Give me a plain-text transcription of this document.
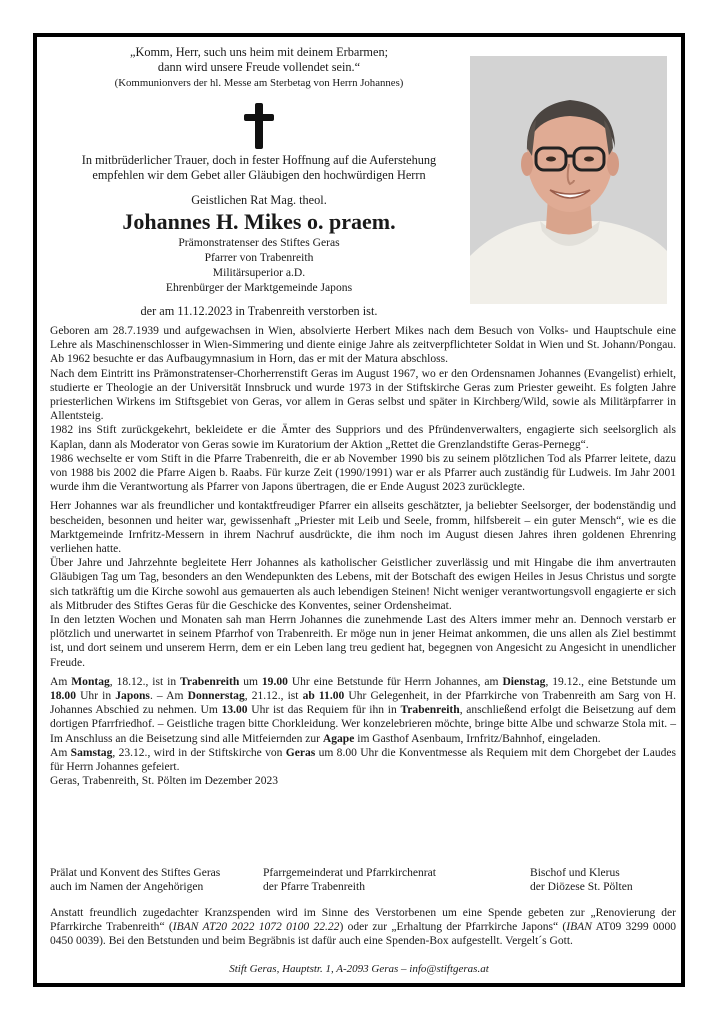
„Komm, Herr, such uns heim mit deinem Erbarmen;
dann wird unsere Freude vollendet sein.“
(Kommunionvers der hl. Messe am Sterbetag von Herrn Johannes)
In mitbrüderlicher Trauer, doch in fester Hoffnung auf die Auferstehung
empfehlen wir dem Gebet aller Gläubigen den hochwürdigen Herrn
Geistlichen Rat Mag. theol.
Johannes H. Mikes o. praem.
Prämonstratenser des Stiftes Geras
Pfarrer von Trabenreith
Militärsuperior a.D.
Ehrenbürger der Marktgemeinde Japons
der am 11.12.2023 in Trabenreith verstorben ist.

Geboren am 28.7.1939 und aufgewachsen in Wien, absolvierte Herbert Mikes nach dem Besuch von Volks- und Hauptschule eine Lehre als Maschinenschlosser in Wien-Simmering und diente einige Jahre als zeitverpflichteter Soldat in Wien und St. Johann/Pongau. Ab 1962 besuchte er das Aufbaugymnasium in Horn, das er mit der Matura abschloss.

Nach dem Eintritt ins Prämonstratenser-Chorherrenstift Geras im August 1967, wo er den Ordensnamen Johannes (Evangelist) erhielt, studierte er Theologie an der Universität Innsbruck und wurde 1973 in der Stiftskirche Geras zum Priester geweiht. Es folgten Jahre priesterlichen Wirkens im Stiftsgebiet von Geras, vor allem in Geras selbst und später in Kirchberg/Wild, sowie als Militärpfarrer in Allentsteig.

1982 ins Stift zurückgekehrt, bekleidete er die Ämter des Suppriors und des Pfründenverwalters, engagierte sich seelsorglich als Kaplan, dann als Moderator von Geras sowie im Kuratorium der Aktion „Rettet die Grenzlandstifte Geras-Pernegg“.

1986 wechselte er vom Stift in die Pfarre Trabenreith, die er ab November 1990 bis zu seinem plötzlichen Tod als Pfarrer leitete, dazu von 1988 bis 2002 die Pfarre Aigen b. Raabs. Für kurze Zeit (1990/1991) war er als Pfarrer auch zuständig für Ludweis. Im Jahr 2001 wurde ihm die Verantwortung als Pfarrer von Japons übertragen, die er Ende August 2023 zurücklegte.

Herr Johannes war als freundlicher und kontaktfreudiger Pfarrer ein allseits geschätzter, ja beliebter Seelsorger, der bodenständig und bescheiden, besonnen und heiter war, gewissenhaft „Priester mit Leib und Seele, fromm, hilfsbereit – ein guter Mensch“, wie es die Marktgemeinde Irnfritz-Messern in ihrem Nachruf ausdrückte, die ihm noch im August diesen Jahres ihren goldenen Ehrenring verliehen hatte.

Über Jahre und Jahrzehnte begleitete Herr Johannes als katholischer Geistlicher zuverlässig und mit Hingabe die ihm anvertrauten Gläubigen Tag um Tag, besonders an den Wendepunkten des Lebens, mit der Botschaft des ewigen Heiles in Jesus Christus und sorgte sich tatkräftig um die Kirche sowohl aus gemauerten als auch lebendigen Steinen! Nicht weniger verantwortungsvoll engagierte er sich als Mitbruder des Stiftes Geras für die Geschicke des Konventes, seiner Ordensheimat.

In den letzten Wochen und Monaten sah man Herrn Johannes die zunehmende Last des Alters immer mehr an. Dennoch verstarb er plötzlich und unerwartet in seinem Pfarrhof von Trabenreith. Er möge nun in jener Heimat ankommen, die uns allen als Ziel bestimmt ist, und dort seinem und unserem Herrn, dem er ein Leben lang treu gedient hat, begegnen von Angesicht zu Angesicht in unendlicher Freude.

Am Montag, 18.12., ist in Trabenreith um 19.00 Uhr eine Betstunde für Herrn Johannes, am Dienstag, 19.12., eine Betstunde um 18.00 Uhr in Japons. – Am Donnerstag, 21.12., ist ab 11.00 Uhr Gelegenheit, in der Pfarrkirche von Trabenreith am Sarg von H. Johannes Abschied zu nehmen. Um 13.00 Uhr ist das Requiem für ihn in Trabenreith, anschließend erfolgt die Beisetzung auf dem dortigen Pfarrfriedhof. – Geistliche tragen bitte Chorkleidung. Wer konzelebrieren möchte, bringe bitte Albe und schwarze Stola mit. – Im Anschluss an die Beisetzung sind alle Mitfeiernden zur Agape im Gasthof Asenbaum, Irnfritz/Bahnhof, eingeladen.

Am Samstag, 23.12., wird in der Stiftskirche von Geras um 8.00 Uhr die Konventmesse als Requiem mit dem Chorgebet der Laudes für Herrn Johannes gefeiert.

Geras, Trabenreith, St. Pölten im Dezember 2023

Prälat und Konvent des Stiftes Geras
auch im Namen der Angehörigen
Pfarrgemeinderat und Pfarrkirchenrat
der Pfarre Trabenreith
Bischof und Klerus
der Diözese St. Pölten
Anstatt freundlich zugedachter Kranzspenden wird im Sinne des Verstorbenen um eine Spende gebeten zur „Renovierung der Pfarrkirche Trabenreith“ (IBAN AT20 2022 1072 0100 22.22) oder zur „Erhaltung der Pfarrkirche Japons“ (IBAN AT09 3299 0000 0450 0039). Bei den Betstunden und beim Begräbnis ist dafür auch eine Spenden-Box aufgestellt. Vergelt´s Gott.
Stift Geras, Hauptstr. 1, A-2093 Geras – info@stiftgeras.at
